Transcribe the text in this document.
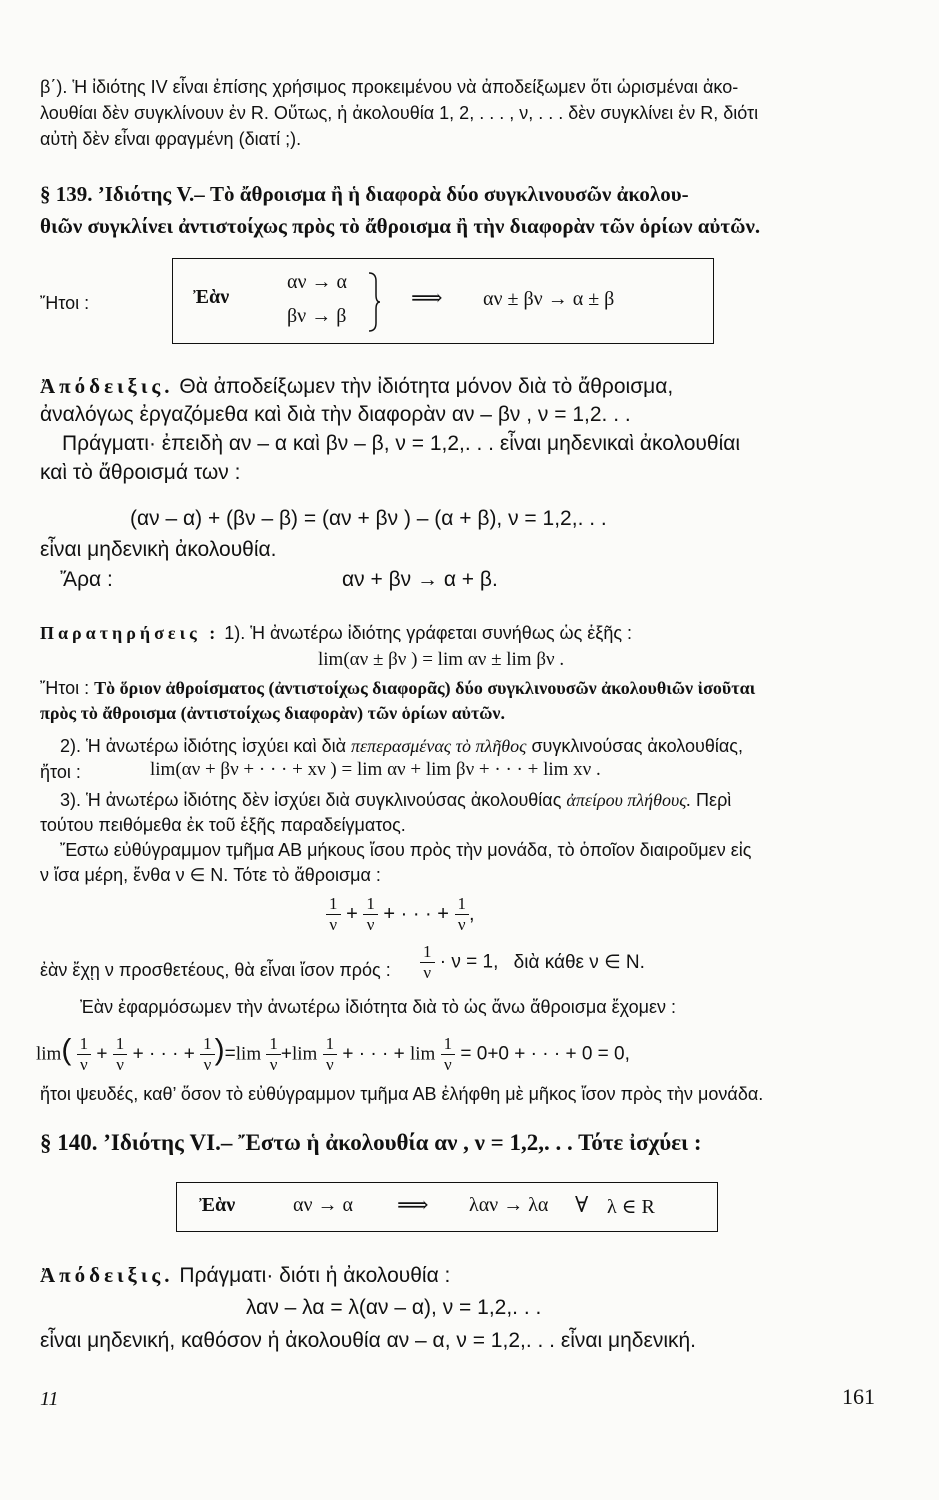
β΄). Ἡ ἰδιότης IV εἶναι ἐπίσης χρήσιμος προκειμένου νὰ ἀποδείξωμεν ὅτι ὡρισμέναι ἀκο-
λουθίαι δὲν συγκλίνουν ἐν R. Οὕτως, ἡ ἀκολουθία 1, 2, . . . , ν, . . . δὲν συγκλίνει ἐν R, διότι
αὐτὴ δὲν εἶναι φραγμένη (διατί ;).
§ 139. ʼΙδιότης V.– Τὸ ἄθροισμα ἢ ἡ διαφορὰ δύο συγκλινουσῶν ἀκολου-
θιῶν συγκλίνει ἀντιστοίχως πρὸς τὸ ἄθροισμα ἢ τὴν διαφορὰν τῶν ὁρίων αὐτῶν.
Ἤτοι :	Ἐὰν
αν → α
βν → β
⟹ αν ± βν → α ± β
Ἀπόδειξις. Θὰ ἀποδείξωμεν τὴν ἰδιότητα μόνον διὰ τὸ ἄθροισμα,
ἀναλόγως ἐργαζόμεθα καὶ διὰ τὴν διαφορὰν αν – βν , ν = 1,2. . .
Πράγματι· ἐπειδὴ αν – α καὶ βν – β, ν = 1,2,. . . εἶναι μηδενικαὶ ἀκολουθίαι
καὶ τὸ ἄθροισμά των :
(αν – α) + (βν – β) = (αν + βν ) – (α + β), ν = 1,2,. . .
εἶναι μηδενικὴ ἀκολουθία.
Ἄρα :	αν + βν → α + β.
Παρατηρήσεις : 1). Ἡ ἀνωτέρω ἰδιότης γράφεται συνήθως ὡς ἑξῆς :
lim(αν ± βν ) = lim αν ± lim βν .
Ἤτοι : Τὸ ὅριον ἀθροίσματος (ἀντιστοίχως διαφορᾶς) δύο συγκλινουσῶν ἀκολουθιῶν ἰσοῦται
πρὸς τὸ ἄθροισμα (ἀντιστοίχως διαφορὰν) τῶν ὁρίων αὐτῶν.
2). Ἡ ἀνωτέρω ἰδιότης ἰσχύει καὶ διὰ πεπερασμένας τὸ πλῆθος συγκλινούσας ἀκολουθίας,
ἤτοι :	lim(αν + βν + · · · + xν ) = lim αν + lim βν + · · · + lim xν .
3). Ἡ ἀνωτέρω ἰδιότης δὲν ἰσχύει διὰ συγκλινούσας ἀκολουθίας ἀπείρου πλήθους. Περὶ
τούτου πειθόμεθα ἐκ τοῦ ἑξῆς παραδείγματος.
Ἔστω εὐθύγραμμον τμῆμα ΑΒ μήκους ἴσου πρὸς τὴν μονάδα, τὸ ὁποῖον διαιροῦμεν εἰς
ν ἴσα μέρη, ἔνθα ν ∈ N. Τότε τὸ ἄθροισμα :
$\frac{1}{\nu} + \frac{1}{\nu}$ + · · · + $\frac{1}{\nu}$ ,
ἐὰν ἔχῃ ν προσθετέους, θὰ εἶναι ἴσον πρός : $\frac{1}{\nu} \cdot \nu = 1$, διὰ κάθε ν ∈ N.
Ἐὰν ἐφαρμόσωμεν τὴν ἀνωτέρω ἰδιότητα διὰ τὸ ὡς ἄνω ἄθροισμα ἔχομεν :
$\lim( \frac{1}{\nu} + \frac{1}{\nu}$ + · · · + $\frac{1}{\nu} )=\lim \frac{1}{\nu} +\lim \frac{1}{\nu}$ + · · · + $\lim \frac{1}{\nu} = 0+0$ + · · · + 0 = 0,
ἤτοι ψευδές, καθ’ ὅσον τὸ εὐθύγραμμον τμῆμα ΑΒ ἐλήφθη μὲ μῆκος ἴσον πρὸς τὴν μονάδα.
§ 140. ʼΙδιότης VI.– Ἔστω ἡ ἀκολουθία αν , ν = 1,2,. . . Τότε ἰσχύει :
Ἐὰν	αν → α ⟹ λαν → λα ∀ λ ∈ R
Ἀπόδειξις. Πράγματι· διότι ἡ ἀκολουθία :
λαν – λα = λ(αν – α), ν = 1,2,. . .
εἶναι μηδενική, καθόσον ἡ ἀκολουθία αν – α, ν = 1,2,. . . εἶναι μηδενική.
11	161
